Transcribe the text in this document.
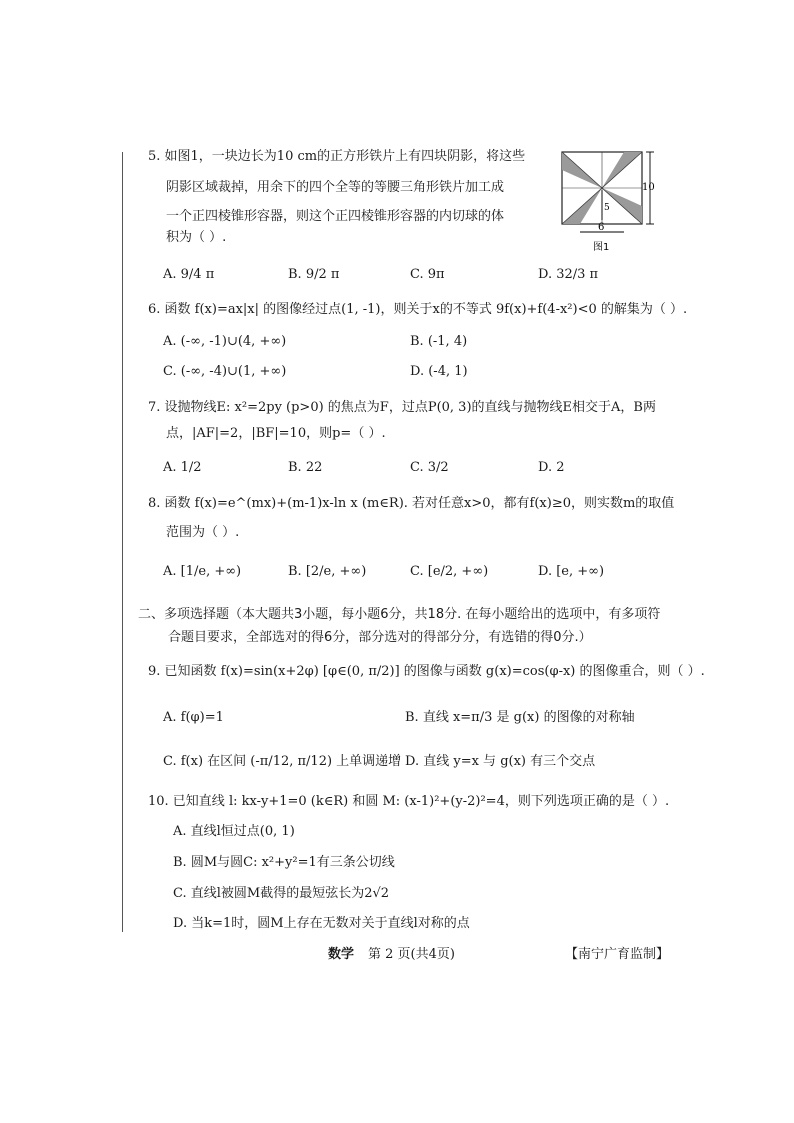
5. 如图1，一块边长为10 cm的正方形铁片上有四块阴影，将这些
阴影区域裁掉，用余下的四个全等的等腰三角形铁片加工成
一个正四棱锥形容器，则这个正四棱锥形容器的内切球的体
积为（ ）.
A. 9/4 π	B. 9/2 π	C. 9π	D. 32/3 π
10
5
6
图1
6. 函数 f(x)=ax|x| 的图像经过点(1, -1)，则关于x的不等式 9f(x)+f(4-x²)<0 的解集为（ ）.
A. (-∞, -1)∪(4, +∞)	B. (-1, 4)
C. (-∞, -4)∪(1, +∞)	D. (-4, 1)
7. 设抛物线E: x²=2py (p>0) 的焦点为F，过点P(0, 3)的直线与抛物线E相交于A，B两
点，|AF|=2，|BF|=10，则p=（ ）.
A. 1/2	B. 22	C. 3/2	D. 2
8. 函数 f(x)=e^(mx)+(m-1)x-ln x (m∈R). 若对任意x>0，都有f(x)≥0，则实数m的取值
范围为（ ）.
A. [1/e, +∞)	B. [2/e, +∞)	C. [e/2, +∞)	D. [e, +∞)
二、多项选择题（本大题共3小题，每小题6分，共18分. 在每小题给出的选项中，有多项符
合题目要求，全部选对的得6分，部分选对的得部分分，有选错的得0分.）
9. 已知函数 f(x)=sin(x+2φ) [φ∈(0, π/2)] 的图像与函数 g(x)=cos(φ-x) 的图像重合，则（ ）.
A. f(φ)=1	B. 直线 x=π/3 是 g(x) 的图像的对称轴
C. f(x) 在区间 (-π/12, π/12) 上单调递增 D. 直线 y=x 与 g(x) 有三个交点
10. 已知直线 l: kx-y+1=0 (k∈R) 和圆 M: (x-1)²+(y-2)²=4，则下列选项正确的是（ ）.
A. 直线l恒过点(0, 1)
B. 圆M与圆C: x²+y²=1有三条公切线
C. 直线l被圆M截得的最短弦长为2√2
D. 当k=1时，圆M上存在无数对关于直线l对称的点
数学 第 2 页(共4页)	【南宁广育监制】
